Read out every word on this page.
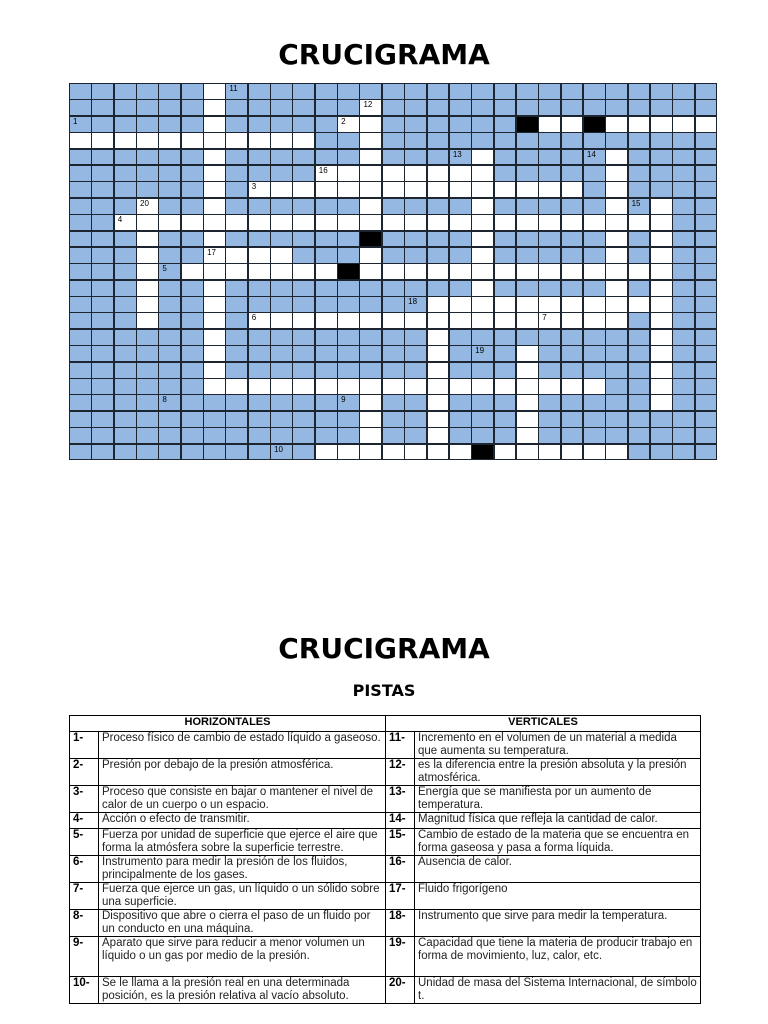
CRUCIGRAMA
11
12
1	2
13	14
16
3
20	15
4
17
5
18
6	7
19
8	9
10
CRUCIGRAMA
PISTAS
HORIZONTALES		VERTICALES	
1-	Proceso físico de cambio de estado líquido a gaseoso.	11-	Incremento en el volumen de un material a medida que aumenta su temperatura.
2-	Presión por debajo de la presión atmosférica.	12-	es la diferencia entre la presión absoluta y la presión atmosférica.
3-	Proceso que consiste en bajar o mantener el nivel de calor de un cuerpo o un espacio.	13-	Energía que se manifiesta por un aumento de temperatura.
4-	Acción o efecto de transmitir.	14-	Magnitud física que refleja la cantidad de calor.
5-	Fuerza por unidad de superficie que ejerce el aire que forma la atmósfera sobre la superficie terrestre.	15-	Cambio de estado de la materia que se encuentra en forma gaseosa y pasa a forma líquida.
6-	Instrumento para medir la presión de los fluidos, principalmente de los gases.	16-	Ausencia de calor.
7-	Fuerza que ejerce un gas, un líquido o un sólido sobre una superficie.	17-	Fluido frigorígeno
8-	Dispositivo que abre o cierra el paso de un fluido por un conducto en una máquina.	18-	Instrumento que sirve para medir la temperatura.
9-	Aparato que sirve para reducir a menor volumen un líquido o un gas por medio de la presión.	19-	Capacidad que tiene la materia de producir trabajo en forma de movimiento, luz, calor, etc.
10-	Se le llama a la presión real en una determinada posición, es la presión relativa al vacío absoluto.	20-	Unidad de masa del Sistema Internacional, de símbolo t.
